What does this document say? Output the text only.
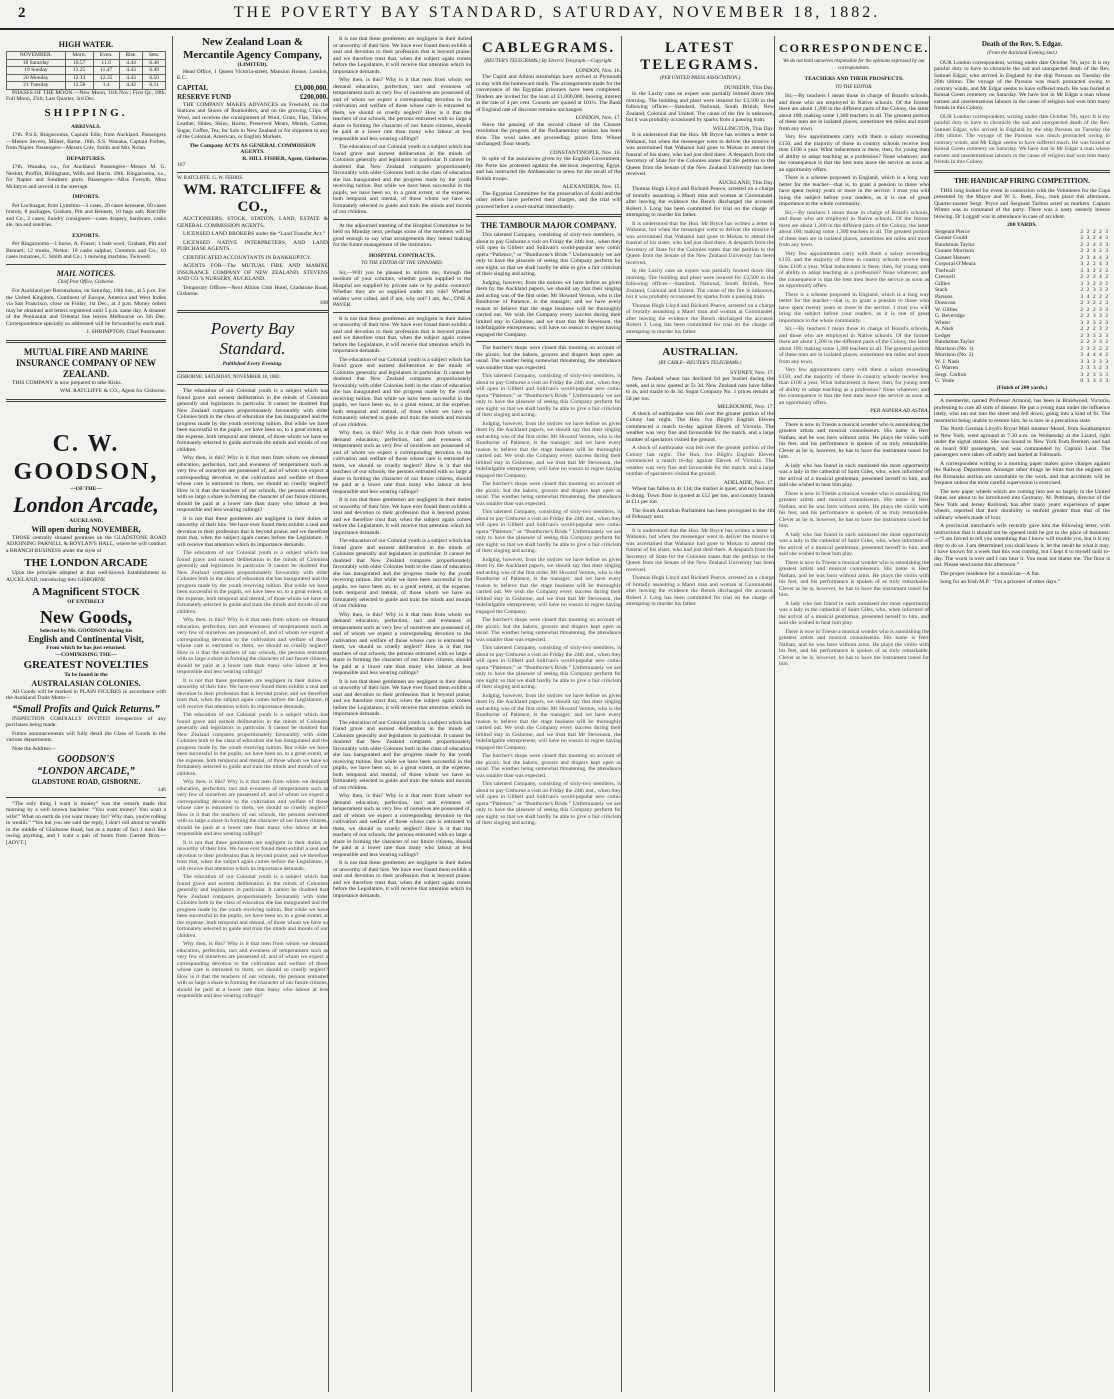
2	THE POVERTY BAY STANDARD, SATURDAY, NOVEMBER 18, 1882.
HIGH WATER.
NOVEMBER.	Morn.	Even.	Rise.	Sets.
18 Saturday	10.57	11.0	4.44	6.48
19 Sunday	11.25	11.47	4.43	6.49
20 Monday	12.13	12.35	4.43	6.50
21 Tuesday	12.58	1.4	4.42	6.51

PHASES OF THE MOON.—New Moon, 11th Nov.; First Qr., 18th; Full Moon, 25th; Last Quarter, 3rd Dec.

SHIPPING.
ARRIVALS.

17th. P.S.S. Ringarooma, Captain Edie, from Auckland. Passengers—Messrs Severn, Milner, Barne. 18th. S.S. Wanaka, Captain Forbes, from Napier. Passengers—Messrs Cole, Smith and Mrs Nolan.

DEPARTURES.

17th. Wanaka, s.s., for Auckland. Passengers—Messrs M. G. Nesbitt, Proffitt, Billingham, Wills and Harris. 18th. Ringarooma, s.s., for Napier and Southern ports. Passengers—Miss Forsyth, Miss McIntyre and several in the steerage.

IMPORTS.

Per Lochnagar, from Lyttelton—3 cases, 20 cases kerosene, 60 cases brandy, 8 packages; Graham, Pitt and Bennett, 10 bags salt; Ratcliffe and Co., 2 cases; Sundry consignees—cases drapery, hardware, casks ale, tea and sundries.

EXPORTS.

Per Ringarooma—1 horse, A. Fraser; 1 bale wool, Graham, Pitt and Bennett; 12 trunks, Nestor; 10 casks sulphur, Common and Co.; 10 cases tomatoes, C. Smith and Co.; 1 mowing machine, Twiswell.

MAIL NOTICES.
Chief Post Office, Gisborne.

For Auckland per Rotomahana, on Saturday, 18th inst., at 5 p.m. For the United Kingdom, Continent of Europe, America and West Indies via San Francisco, close on Friday, 1st Dec., at 3 p.m. Money orders may be obtained and letters registered until 5 p.m. same day. A steamer of the Peninsular and Oriental line leaves Melbourne on 5th Dec. Correspondence specially so addressed will be forwarded by each mail.

J. SHRIMPTON, Chief Postmaster.
MUTUAL FIRE AND MARINE INSURANCE COMPANY OF NEW ZEALAND.

THIS COMPANY is now prepared to take Risks.

WM. RATCLIFFE & CO., Agent for Gisborne.
C. W. GOODSON,
—OF THE—
London Arcade,
AUCKLAND,
Will open during NOVEMBER,

THOSE centrally situated premises on the GLADSTONE ROAD ADJOINING PARNELL & BOYLAN'S HALL, where he will conduct a BRANCH BUSINESS under the style of

THE LONDON ARCADE

Upon the principle adopted at that well-known Establishment in AUCKLAND, introducing into GISBORNE

A Magnificent STOCK
OF ENTIRELY
New Goods,
Selected by Mr. GOODSON during his
English and Continental Visit,
From which he has just returned.
—COMPRISING THE—
GREATEST NOVELTIES
To be found in the
AUSTRALASIAN COLONIES.

All Goods will be marked in PLAIN FIGURES in accordance with the Auckland Trade Motto—

“Small Profits and Quick Returns.”

INSPECTION CORDIALLY INVITED Irrespective of any purchases being made.

Future announcements will fully detail the Class of Goods in the various departments.

Note the Address—

GOODSON'S
“LONDON ARCADE,”
GLADSTONE ROAD, GISBORNE.
146

“The only thing I want is money” was the remark made this morning by a well known bachelor. “You want money! You want a wife!” What on earth do you want money for? Why man, you're rolling in wealth.” “Yes but you see said the reply, I don't roll about to wealth in the middle of Gladstone Road, but as a matter of fact I don't like owing anything, and I want a pair of boots from Garrett Bros.—[ADVT.]

New Zealand Loan & Mercantile Agency Company,
(LIMITED).

Head Office, 1 Queen Victoria-street, Mansion House, London, E.C.

CAPITAL	£3,000,000.
RESERVE FUND	£200,000.

THE COMPANY MAKES ADVANCES on Freehold, on the Stations and Stores of Runholders, and on the growing Clips of Wool, and receives the consignment of Wool, Grain, Flax, Tallow, Leather, Hides, Skins, Horns, Preserved Meats, Metals, Cotton, Sugar, Coffee, Tea, for Sale in New Zealand or for shipment to any of the Colonial, American, or English Markets.

The Company ACTS AS GENERAL COMMISSION AGENTS.
R. HILL FISHER, Agent, Gisborne.
107
W. RATCLIFFE. G. W. FERRIS.
WM. RATCLIFFE & CO.,

AUCTIONEERS, STOCK, STATION, LAND, ESTATE & GENERAL COMMISSION AGENTS.

LICENSED LAND BROKERS under the “Land Transfer Act.”

LICENSED NATIVE INTERPRETERS, AND LAND PURCHASE AGENTS.

CERTIFICATED ACCOUNTANTS IN BANKRUPTCY.

AGENTS FOR—The MUTUAL FIRE AND MARINE INSURANCE COMPANY OF NEW ZEALAND. STEVENS AND CO.'S NURSERY, AUCKLAND.

Temporary Offices—Next Albion Club Hotel, Gladstone Road, Gisborne.

108
Poverty Bay Standard.
Published Every Evening.
GISBORNE: SATURDAY, NOVEMBER 18, 1882.

The education of our Colonial youth is a subject which has found grave and earnest deliberation in the minds of Colonists generally and legislators in particular. It cannot be doubted that New Zealand compares proportionately favourably with older Colonies both in the class of education she has inaugurated and the progress made by the youth receiving tuition. But while we have been successful in the pupils, we have been so, to a great extent, at the expense, both temporal and mental, of those whom we have so fortunately selected to guide and train the minds and morals of our children.

Why then, is this? Why is it that men from whom we demand education, perfection, tact and evenness of temperament such as very few of ourselves are possessed of, and of whom we expect a corresponding devotion to the cultivation and welfare of those whose care is entrusted to them, we should so cruelly neglect? How is it that the teachers of our schools, the persons entrusted with so large a share in forming the character of our future citizens, should be paid at a lower rate than many who labour at less responsible and less wearing callings?

It is not that these gentlemen are negligent in their duties or unworthy of their hire. We have ever found them exhibit a zeal and devotion to their profession that is beyond praise; and we therefore trust that, when the subject again comes before the Legislature, it will receive that attention which its importance demands.

The education of our Colonial youth is a subject which has found grave and earnest deliberation in the minds of Colonists generally and legislators in particular. It cannot be doubted that New Zealand compares proportionately favourably with older Colonies both in the class of education she has inaugurated and the progress made by the youth receiving tuition. But while we have been successful in the pupils, we have been so, to a great extent, at the expense, both temporal and mental, of those whom we have so fortunately selected to guide and train the minds and morals of our children.

Why then, is this? Why is it that men from whom we demand education, perfection, tact and evenness of temperament such as very few of ourselves are possessed of, and of whom we expect a corresponding devotion to the cultivation and welfare of those whose care is entrusted to them, we should so cruelly neglect? How is it that the teachers of our schools, the persons entrusted with so large a share in forming the character of our future citizens, should be paid at a lower rate than many who labour at less responsible and less wearing callings?

It is not that these gentlemen are negligent in their duties or unworthy of their hire. We have ever found them exhibit a zeal and devotion to their profession that is beyond praise; and we therefore trust that, when the subject again comes before the Legislature, it will receive that attention which its importance demands.

The education of our Colonial youth is a subject which has found grave and earnest deliberation in the minds of Colonists generally and legislators in particular. It cannot be doubted that New Zealand compares proportionately favourably with older Colonies both in the class of education she has inaugurated and the progress made by the youth receiving tuition. But while we have been successful in the pupils, we have been so, to a great extent, at the expense, both temporal and mental, of those whom we have so fortunately selected to guide and train the minds and morals of our children.

Why then, is this? Why is it that men from whom we demand education, perfection, tact and evenness of temperament such as very few of ourselves are possessed of, and of whom we expect a corresponding devotion to the cultivation and welfare of those whose care is entrusted to them, we should so cruelly neglect? How is it that the teachers of our schools, the persons entrusted with so large a share in forming the character of our future citizens, should be paid at a lower rate than many who labour at less responsible and less wearing callings?

It is not that these gentlemen are negligent in their duties or unworthy of their hire. We have ever found them exhibit a zeal and devotion to their profession that is beyond praise; and we therefore trust that, when the subject again comes before the Legislature, it will receive that attention which its importance demands.

The education of our Colonial youth is a subject which has found grave and earnest deliberation in the minds of Colonists generally and legislators in particular. It cannot be doubted that New Zealand compares proportionately favourably with older Colonies both in the class of education she has inaugurated and the progress made by the youth receiving tuition. But while we have been successful in the pupils, we have been so, to a great extent, at the expense, both temporal and mental, of those whom we have so fortunately selected to guide and train the minds and morals of our children.

Why then, is this? Why is it that men from whom we demand education, perfection, tact and evenness of temperament such as very few of ourselves are possessed of, and of whom we expect a corresponding devotion to the cultivation and welfare of those whose care is entrusted to them, we should so cruelly neglect? How is it that the teachers of our schools, the persons entrusted with so large a share in forming the character of our future citizens, should be paid at a lower rate than many who labour at less responsible and less wearing callings?

It is not that these gentlemen are negligent in their duties or unworthy of their hire. We have ever found them exhibit a zeal and devotion to their profession that is beyond praise; and we therefore trust that, when the subject again comes before the Legislature, it will receive that attention which its importance demands.

Why then, is this? Why is it that men from whom we demand education, perfection, tact and evenness of temperament such as very few of ourselves are possessed of, and of whom we expect a corresponding devotion to the cultivation and welfare of those whose care is entrusted to them, we should so cruelly neglect? How is it that the teachers of our schools, the persons entrusted with so large a share in forming the character of our future citizens, should be paid at a lower rate than many who labour at less responsible and less wearing callings?

The education of our Colonial youth is a subject which has found grave and earnest deliberation in the minds of Colonists generally and legislators in particular. It cannot be doubted that New Zealand compares proportionately favourably with older Colonies both in the class of education she has inaugurated and the progress made by the youth receiving tuition. But while we have been successful in the pupils, we have been so, to a great extent, at the expense, both temporal and mental, of those whom we have so fortunately selected to guide and train the minds and morals of our children.

At the adjourned meeting of the Hospital Committee to be held on Monday next, perhaps some of the members will be good enough to say what arrangements they intend making for the future management of the institution.

HOSPITAL CONTRACTS.
TO THE EDITOR OF THE STANDARD.

Sir,—Will you be pleased to inform me, through the medium of your columns, whether goods supplied to the Hospital are supplied by private sale or by public contract? Whether they are so supplied under any rule? Whether tenders were called, and if not, why not? I am, &c., ONE A PAYER.

It is not that these gentlemen are negligent in their duties or unworthy of their hire. We have ever found them exhibit a zeal and devotion to their profession that is beyond praise; and we therefore trust that, when the subject again comes before the Legislature, it will receive that attention which its importance demands.

The education of our Colonial youth is a subject which has found grave and earnest deliberation in the minds of Colonists generally and legislators in particular. It cannot be doubted that New Zealand compares proportionately favourably with older Colonies both in the class of education she has inaugurated and the progress made by the youth receiving tuition. But while we have been successful in the pupils, we have been so, to a great extent, at the expense, both temporal and mental, of those whom we have so fortunately selected to guide and train the minds and morals of our children.

Why then, is this? Why is it that men from whom we demand education, perfection, tact and evenness of temperament such as very few of ourselves are possessed of, and of whom we expect a corresponding devotion to the cultivation and welfare of those whose care is entrusted to them, we should so cruelly neglect? How is it that the teachers of our schools, the persons entrusted with so large a share in forming the character of our future citizens, should be paid at a lower rate than many who labour at less responsible and less wearing callings?

It is not that these gentlemen are negligent in their duties or unworthy of their hire. We have ever found them exhibit a zeal and devotion to their profession that is beyond praise; and we therefore trust that, when the subject again comes before the Legislature, it will receive that attention which its importance demands.

The education of our Colonial youth is a subject which has found grave and earnest deliberation in the minds of Colonists generally and legislators in particular. It cannot be doubted that New Zealand compares proportionately favourably with older Colonies both in the class of education she has inaugurated and the progress made by the youth receiving tuition. But while we have been successful in the pupils, we have been so, to a great extent, at the expense, both temporal and mental, of those whom we have so fortunately selected to guide and train the minds and morals of our children.

Why then, is this? Why is it that men from whom we demand education, perfection, tact and evenness of temperament such as very few of ourselves are possessed of, and of whom we expect a corresponding devotion to the cultivation and welfare of those whose care is entrusted to them, we should so cruelly neglect? How is it that the teachers of our schools, the persons entrusted with so large a share in forming the character of our future citizens, should be paid at a lower rate than many who labour at less responsible and less wearing callings?

It is not that these gentlemen are negligent in their duties or unworthy of their hire. We have ever found them exhibit a zeal and devotion to their profession that is beyond praise; and we therefore trust that, when the subject again comes before the Legislature, it will receive that attention which its importance demands.

The education of our Colonial youth is a subject which has found grave and earnest deliberation in the minds of Colonists generally and legislators in particular. It cannot be doubted that New Zealand compares proportionately favourably with older Colonies both in the class of education she has inaugurated and the progress made by the youth receiving tuition. But while we have been successful in the pupils, we have been so, to a great extent, at the expense, both temporal and mental, of those whom we have so fortunately selected to guide and train the minds and morals of our children.

Why then, is this? Why is it that men from whom we demand education, perfection, tact and evenness of temperament such as very few of ourselves are possessed of, and of whom we expect a corresponding devotion to the cultivation and welfare of those whose care is entrusted to them, we should so cruelly neglect? How is it that the teachers of our schools, the persons entrusted with so large a share in forming the character of our future citizens, should be paid at a lower rate than many who labour at less responsible and less wearing callings?

It is not that these gentlemen are negligent in their duties or unworthy of their hire. We have ever found them exhibit a zeal and devotion to their profession that is beyond praise; and we therefore trust that, when the subject again comes before the Legislature, it will receive that attention which its importance demands.

CABLEGRAMS.
(REUTER'S TELEGRAMS.) By Electric Telegraph.—Copyright.
LONDON, Nov. 16.

The Cupid and Albion steamships have arrived at Plymouth to day with the homeward mails. The arrangements made for the conveyance of the Egyptian prisoners have been completed. Tenders are invited for the loan of £1,000,000, bearing interest at the rate of 4 per cent. Consols are quoted at 101¼. The Bank of England rate of discount remains unchanged.

LONDON, Nov. 17.

Since the passing of the second clause of the Closure resolution the progress of the Parliamentary session has been slow. The wool sales are proceeding; prices firm. Wheat unchanged; flour steady.

CONSTANTINOPLE, Nov. 16.

In spite of the assurances given by the English Government, the Porte has protested against the decision respecting Egypt, and has instructed the Ambassador to press for the recall of the British troops.

ALEXANDRIA, Nov. 15.

The Egyptian Committee for the prosecution of Arabi and the other rebels have preferred their charges, and the trial will proceed before a court-martial immediately.

THE TAMBOUR MAJOR COMPANY.

This talented Company, consisting of sixty-two members, is about to pay Gisborne a visit on Friday the 24th inst., when they will open in Gilbert and Sullivan's world-popular new comic opera “Patience,” or “Bunthorne's Bride.” Unfortunately we are only to have the pleasure of seeing this Company perform for one night; so that we shall hardly be able to give a fair criticism of their singing and acting.

Judging, however, from the notices we have before us given them by the Auckland papers, we should say that their singing and acting was of the first order. Mr Howard Vernon, who is the Bunthorne of Patience, is the manager; and we have every reason to believe that the stage business will be thoroughly carried out. We wish the Company every success during their limited stay in Gisborne, and we trust that Mr Stevenson, the indefatigable entrepreneur, will have no reason to regret having engaged the Company.

The butcher's shops were closed this morning on account of the picnic; but the bakers, grocers and drapers kept open as usual. The weather being somewhat threatening, the attendance was smaller than was expected.

This talented Company, consisting of sixty-two members, is about to pay Gisborne a visit on Friday the 24th inst., when they will open in Gilbert and Sullivan's world-popular new comic opera “Patience,” or “Bunthorne's Bride.” Unfortunately we are only to have the pleasure of seeing this Company perform for one night; so that we shall hardly be able to give a fair criticism of their singing and acting.

Judging, however, from the notices we have before us given them by the Auckland papers, we should say that their singing and acting was of the first order. Mr Howard Vernon, who is the Bunthorne of Patience, is the manager; and we have every reason to believe that the stage business will be thoroughly carried out. We wish the Company every success during their limited stay in Gisborne, and we trust that Mr Stevenson, the indefatigable entrepreneur, will have no reason to regret having engaged the Company.

The butcher's shops were closed this morning on account of the picnic; but the bakers, grocers and drapers kept open as usual. The weather being somewhat threatening, the attendance was smaller than was expected.

This talented Company, consisting of sixty-two members, is about to pay Gisborne a visit on Friday the 24th inst., when they will open in Gilbert and Sullivan's world-popular new comic opera “Patience,” or “Bunthorne's Bride.” Unfortunately we are only to have the pleasure of seeing this Company perform for one night; so that we shall hardly be able to give a fair criticism of their singing and acting.

Judging, however, from the notices we have before us given them by the Auckland papers, we should say that their singing and acting was of the first order. Mr Howard Vernon, who is the Bunthorne of Patience, is the manager; and we have every reason to believe that the stage business will be thoroughly carried out. We wish the Company every success during their limited stay in Gisborne, and we trust that Mr Stevenson, the indefatigable entrepreneur, will have no reason to regret having engaged the Company.

The butcher's shops were closed this morning on account of the picnic; but the bakers, grocers and drapers kept open as usual. The weather being somewhat threatening, the attendance was smaller than was expected.

This talented Company, consisting of sixty-two members, is about to pay Gisborne a visit on Friday the 24th inst., when they will open in Gilbert and Sullivan's world-popular new comic opera “Patience,” or “Bunthorne's Bride.” Unfortunately we are only to have the pleasure of seeing this Company perform for one night; so that we shall hardly be able to give a fair criticism of their singing and acting.

Judging, however, from the notices we have before us given them by the Auckland papers, we should say that their singing and acting was of the first order. Mr Howard Vernon, who is the Bunthorne of Patience, is the manager; and we have every reason to believe that the stage business will be thoroughly carried out. We wish the Company every success during their limited stay in Gisborne, and we trust that Mr Stevenson, the indefatigable entrepreneur, will have no reason to regret having engaged the Company.

The butcher's shops were closed this morning on account of the picnic; but the bakers, grocers and drapers kept open as usual. The weather being somewhat threatening, the attendance was smaller than was expected.

This talented Company, consisting of sixty-two members, is about to pay Gisborne a visit on Friday the 24th inst., when they will open in Gilbert and Sullivan's world-popular new comic opera “Patience,” or “Bunthorne's Bride.” Unfortunately we are only to have the pleasure of seeing this Company perform for one night; so that we shall hardly be able to give a fair criticism of their singing and acting.

LATEST TELEGRAMS.
(PER UNITED PRESS ASSOCIATION.)
DUNEDIN, This Day.

In the Laxity case an expert was partially burned down this morning. The building and plant were insured for £3,500 in the following offices:—Standard, National, South British, New Zealand, Colonial and United. The cause of the fire is unknown, but it was probably occasioned by sparks from a passing train.

WELLINGTON, This Day.

It is understood that the Hon. Mr Bryce has written a letter to Wahanui, but when the messenger went to deliver the missive it was ascertained that Wahanui had gone to Mokau to attend the funeral of his sister, who had just died there. A despatch from the Secretary of State for the Colonies states that the petition to the Queen from the Senate of the New Zealand University has been received.

AUCKLAND, This Day.

Thomas Hugh Lloyd and Richard Pearce, arrested on a charge of brutally assaulting a Maori man and woman at Coromandel, after leaving the evidence the Bench discharged the accused. Robert J. Long has been committed for trial on the charge of attempting to murder his father.

It is understood that the Hon. Mr Bryce has written a letter to Wahanui, but when the messenger went to deliver the missive it was ascertained that Wahanui had gone to Mokau to attend the funeral of his sister, who had just died there. A despatch from the Secretary of State for the Colonies states that the petition to the Queen from the Senate of the New Zealand University has been received.

In the Laxity case an expert was partially burned down this morning. The building and plant were insured for £3,500 in the following offices:—Standard, National, South British, New Zealand, Colonial and United. The cause of the fire is unknown, but it was probably occasioned by sparks from a passing train.

Thomas Hugh Lloyd and Richard Pearce, arrested on a charge of brutally assaulting a Maori man and woman at Coromandel, after leaving the evidence the Bench discharged the accused. Robert J. Long has been committed for trial on the charge of attempting to murder his father.

AUSTRALIAN.
(BY CABLE—REUTER'S TELEGRAMS.)
SYDNEY, Nov. 17.

New Zealand wheat has declined 6d per bushel during the week, and is now quoted at 5s 3d. New Zealand oats have fallen to 4s, and maize to 4s 3d. Sugar Company No. 1 prices remain at 5d per ton.

MELBOURNE, Nov. 17.

A shock of earthquake was felt over the greater portion of the Colony last night. The Hon. Ivo Bligh's English Eleven commenced a match to-day against Eleven of Victoria. The weather was very fine and favourable for the match, and a large number of spectators visited the ground.

A shock of earthquake was felt over the greater portion of the Colony last night. The Hon. Ivo Bligh's English Eleven commenced a match to-day against Eleven of Victoria. The weather was very fine and favourable for the match, and a large number of spectators visited the ground.

ADELAIDE, Nov. 17.

Wheat has fallen to 4s 11d; the market is quiet, and no business is doing. Town flour is quoted at £12 per ton, and country brands at £11 per ton.

The South Australian Parliament has been prorogued to the 4th of February next.

It is understood that the Hon. Mr Bryce has written a letter to Wahanui, but when the messenger went to deliver the missive it was ascertained that Wahanui had gone to Mokau to attend the funeral of his sister, who had just died there. A despatch from the Secretary of State for the Colonies states that the petition to the Queen from the Senate of the New Zealand University has been received.

Thomas Hugh Lloyd and Richard Pearce, arrested on a charge of brutally assaulting a Maori man and woman at Coromandel, after leaving the evidence the Bench discharged the accused. Robert J. Long has been committed for trial on the charge of attempting to murder his father.

CORRESPONDENCE.
We do not hold ourselves responsible for the opinions expressed by our correspondents.
TEACHERS AND THEIR PROSPECTS.
TO THE EDITOR.

Sir,—By teachers I mean those in charge of Board's schools, and those who are employed in Native schools. Of the former there are about 1,200 in the different parts of the Colony, the latter about 100; making some 1,300 teachers in all. The greatest portion of these men are in isolated places, sometimes ten miles and more from any town.

Very few appointments carry with them a salary exceeding £150, and the majority of those in country schools receive less than £100 a year. What inducement is there, then, for young men of ability to adopt teaching as a profession? None whatever; and the consequence is that the best men leave the service as soon as an opportunity offers.

There is a scheme proposed in England, which is a long way better for the teacher—that is, to grant a pension to those who have spent twenty years or more in the service. I trust you will bring the subject before your readers, as it is one of great importance to the whole community.

Sir,—By teachers I mean those in charge of Board's schools, and those who are employed in Native schools. Of the former there are about 1,200 in the different parts of the Colony, the latter about 100; making some 1,300 teachers in all. The greatest portion of these men are in isolated places, sometimes ten miles and more from any town.

Very few appointments carry with them a salary exceeding £150, and the majority of those in country schools receive less than £100 a year. What inducement is there, then, for young men of ability to adopt teaching as a profession? None whatever; and the consequence is that the best men leave the service as soon as an opportunity offers.

There is a scheme proposed in England, which is a long way better for the teacher—that is, to grant a pension to those who have spent twenty years or more in the service. I trust you will bring the subject before your readers, as it is one of great importance to the whole community.

Sir,—By teachers I mean those in charge of Board's schools, and those who are employed in Native schools. Of the former there are about 1,200 in the different parts of the Colony, the latter about 100; making some 1,300 teachers in all. The greatest portion of these men are in isolated places, sometimes ten miles and more from any town.

Very few appointments carry with them a salary exceeding £150, and the majority of those in country schools receive less than £100 a year. What inducement is there, then, for young men of ability to adopt teaching as a profession? None whatever; and the consequence is that the best men leave the service as soon as an opportunity offers.

PER ASPERA AD ASTRA.

There is now in Trieste a musical wonder who is astonishing the greatest artists and musical connoisseurs. His name is Herr Nathan, and he was born without arms. He plays the violin with his feet, and his performance is spoken of as truly remarkable. Clever as he is, however, he has to have the instrument tuned for him.

A lady who has found in such unmissed the most opportunity was a lady in the cathedral of Saint Giles, who, when informed of the arrival of a musical gentleman, presented herself to him, and said she wished to hear him play.

There is now in Trieste a musical wonder who is astonishing the greatest artists and musical connoisseurs. His name is Herr Nathan, and he was born without arms. He plays the violin with his feet, and his performance is spoken of as truly remarkable. Clever as he is, however, he has to have the instrument tuned for him.

A lady who has found in such unmissed the most opportunity was a lady in the cathedral of Saint Giles, who, when informed of the arrival of a musical gentleman, presented herself to him, and said she wished to hear him play.

There is now in Trieste a musical wonder who is astonishing the greatest artists and musical connoisseurs. His name is Herr Nathan, and he was born without arms. He plays the violin with his feet, and his performance is spoken of as truly remarkable. Clever as he is, however, he has to have the instrument tuned for him.

A lady who has found in such unmissed the most opportunity was a lady in the cathedral of Saint Giles, who, when informed of the arrival of a musical gentleman, presented herself to him, and said she wished to hear him play.

There is now in Trieste a musical wonder who is astonishing the greatest artists and musical connoisseurs. His name is Herr Nathan, and he was born without arms. He plays the violin with his feet, and his performance is spoken of as truly remarkable. Clever as he is, however, he has to have the instrument tuned for him.

Death of the Rev. S. Edgar.
(From the Auckland Evening Star.)

OUR London correspondent, writing under date October 7th, says: It is my painful duty to have to chronicle the sad and unexpected death of the Rev. Samuel Edgar, who arrived in England by the ship Parsons on Tuesday the 26th ultimo. The voyage of the Parsons was much protracted owing to contrary winds, and Mr Edgar seems to have suffered much. He was buried at Kensal Green cemetery on Saturday. We have lost in Mr Edgar a man whose earnest and unostentatious labours in the cause of religion had won him many friends in this Colony.

OUR London correspondent, writing under date October 7th, says: It is my painful duty to have to chronicle the sad and unexpected death of the Rev. Samuel Edgar, who arrived in England by the ship Parsons on Tuesday the 26th ultimo. The voyage of the Parsons was much protracted owing to contrary winds, and Mr Edgar seems to have suffered much. He was buried at Kensal Green cemetery on Saturday. We have lost in Mr Edgar a man whose earnest and unostentatious labours in the cause of religion had won him many friends in this Colony.

THE HANDICAP FIRING COMPETITION.

THIS long looked for event in connection with the Volunteers for the Cups presented by the Mayor and W. L. Rees, Esq., took place this afternoon. Quarter-master Sergt. Pryce and Sergeant Tarlton acted as markers. Captain Winter was in command of the party. There was a nasty easterly breeze blowing. Dr Loggatt was in attendance in case of accident.

200 YARDS.
Sergeant Pierce	2 2 2 2 3
Gunner Gould	2 3 2 4 3
Bandsman Taylor	2 2 4 3 3
Gunner Morrison	2 2 4 2 3
Gunner Hansen	2 3 4 4 3
Corporal O'Meara	3 2 2 4 3
Thelwall	3 3 2 2 2
Creswell	2 2 2 4 2
Gillies	3 3 2 3 2
Stack	2 2 3 3 2
Parsons	3 4 2 2 2
Donovan	2 3 2 2 3
W. Gillies	2 2 2 3 3
G. Beveridge	2 2 3 3 2
Winter	3 2 3 2 3
A. Nash	2 2 2 3 2
Ledger	2 3 3 2 3
Bandsman Taylor	2 2 3 3 2
Morrison (No. 1)	2 3 2 2 2
Morrison (No. 2)	3 4 4 4 2
W. J. Nash	3 3 2 3 3
G. Warren	2 3 3 2 3
Sergt. Carlton	3 2 3 3 3
G. Veale	0 3 3 3 3
(Finish of 200 yards.)

A mesmerist, named Professor Armond, has been in Braidwood, Victoria, professing to cure all sorts of disease. He put a young man under the influence lately, who ran out into the street and fell down, going into a kind of fit. The mesmerist being unable to restore him, he is now in a precarious state.

The North German Lloyd's Royal Mail steamer Mosel, from Southampton to New York, went aground at 7.30 a.m. on Wednesday at the Lizard, right under the signal station. She was bound to New York from Bremen, and had on board 600 passengers, and was commanded by Captain Leist. The passengers were taken off safely and landed at Falmouth.

A correspondent writing to a morning paper makes grave charges against the Railway Department. Amongst other things he hints that the engines on the Rimutaka section are unsuitable to the work, and that accidents will be frequent unless the most careful supervision is exercised.

The new paper wheels which are coming into use so largely in the United States are about to be introduced into Germany. M. Pettiman, director of the New York and Jersey Railroad, has after many years' experience of paper wheels, reported that their durability is tenfold greater than that of the ordinary wheels made of iron.

A provincial merchant's wife recently gave him the following letter, with instructions that it should not be opened until he got to the place of business:—“I am forced to tell you something that I know will trouble you, but it is my duty to do so. I am determined you shall know it, let the result be what it may. I have known for a week that this was coming, but I kept it to myself until to-day. The worst is over and I can bear it. You must not blame me. The flour is out. Please send some this afternoon.”

The proper residence for a musician—A flat.

Song for an Irish M.P.: “I'm a prisoner of other days.”
